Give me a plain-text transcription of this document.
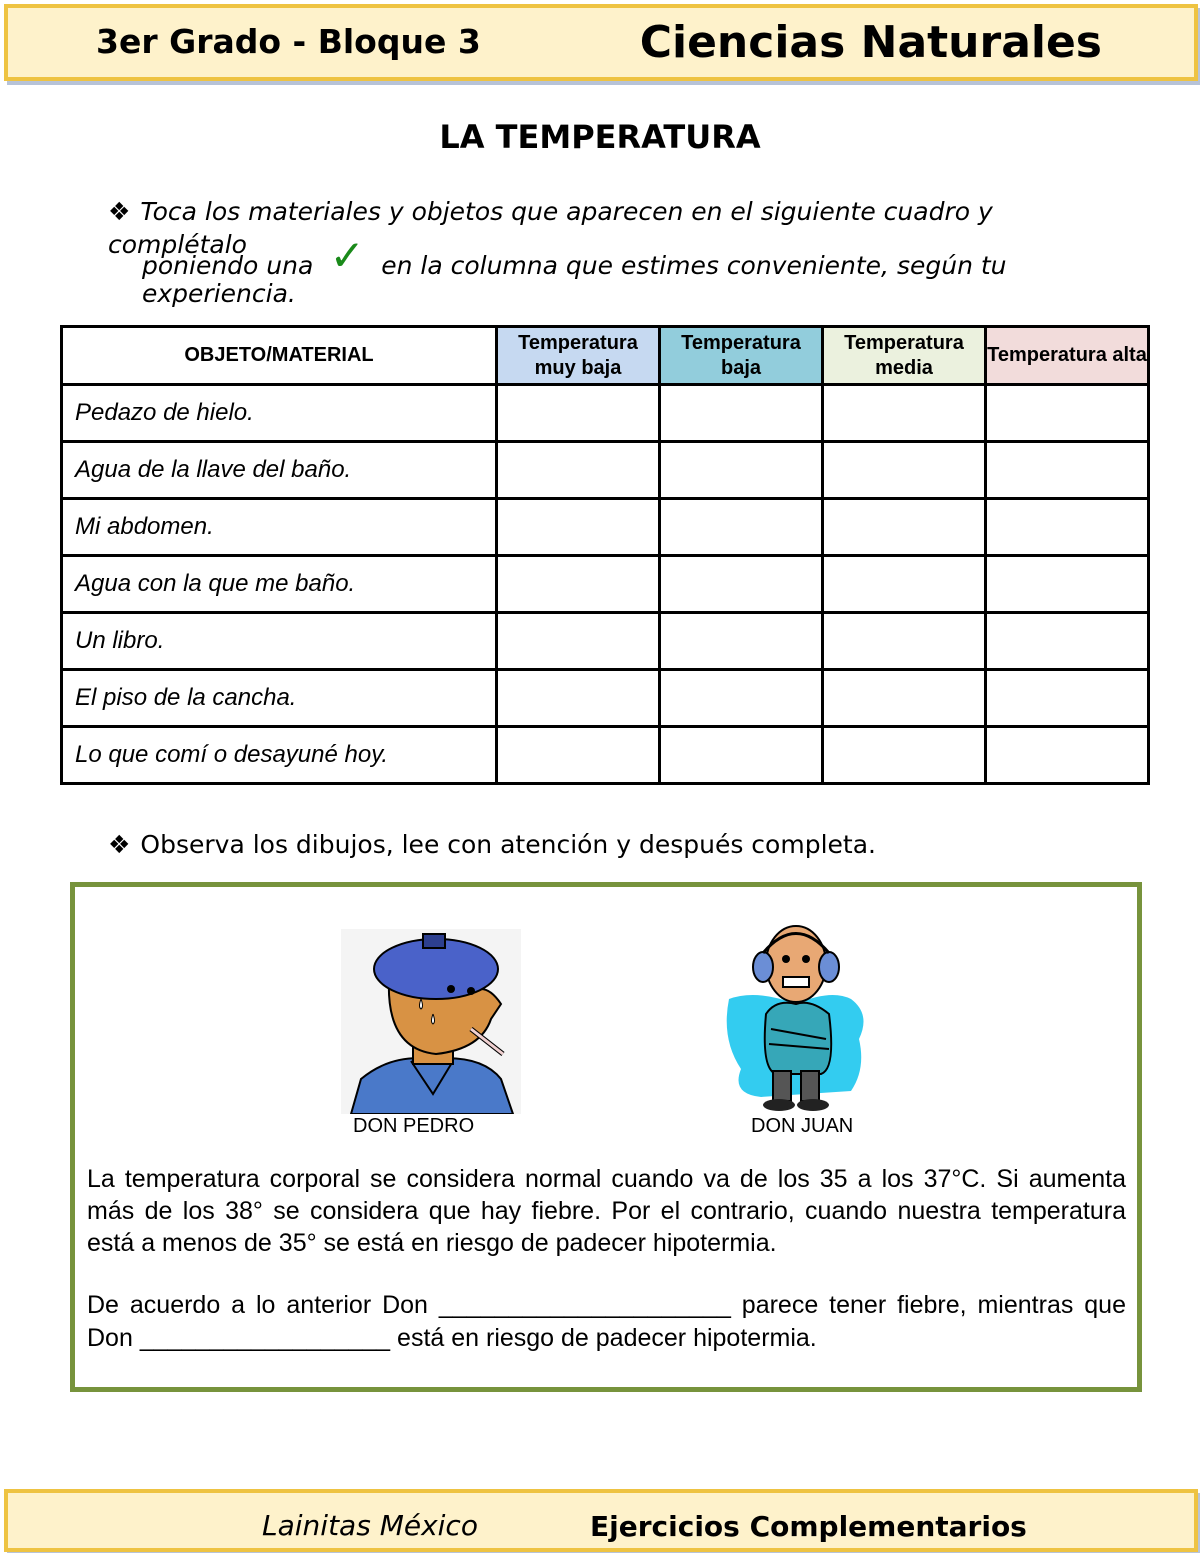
3er Grado - Bloque 3	Ciencias Naturales
LA TEMPERATURA
❖ Toca los materiales y objetos que aparecen en el siguiente cuadro y complétalo
poniendo una ✓ en la columna que estimes conveniente, según tu
experiencia.
OBJETO/MATERIAL	Temperatura muy baja	Temperatura baja	Temperatura media	Temperatura alta
Pedazo de hielo.				
Agua de la llave del baño.				
Mi abdomen.				
Agua con la que me baño.				
Un libro.				
El piso de la cancha.				
Lo que comí o desayuné hoy.				
❖ Observa los dibujos, lee con atención y después completa.
DON PEDRO	DON JUAN
La temperatura corporal se considera normal cuando va de los 35 a los 37°C. Si aumenta más de los 38° se considera que hay fiebre. Por el contrario, cuando nuestra temperatura está a menos de 35° se está en riesgo de padecer hipotermia.
De acuerdo a lo anterior Don _____________________ parece tener fiebre, mientras que Don __________________ está en riesgo de padecer hipotermia.
Lainitas México	Ejercicios Complementarios
